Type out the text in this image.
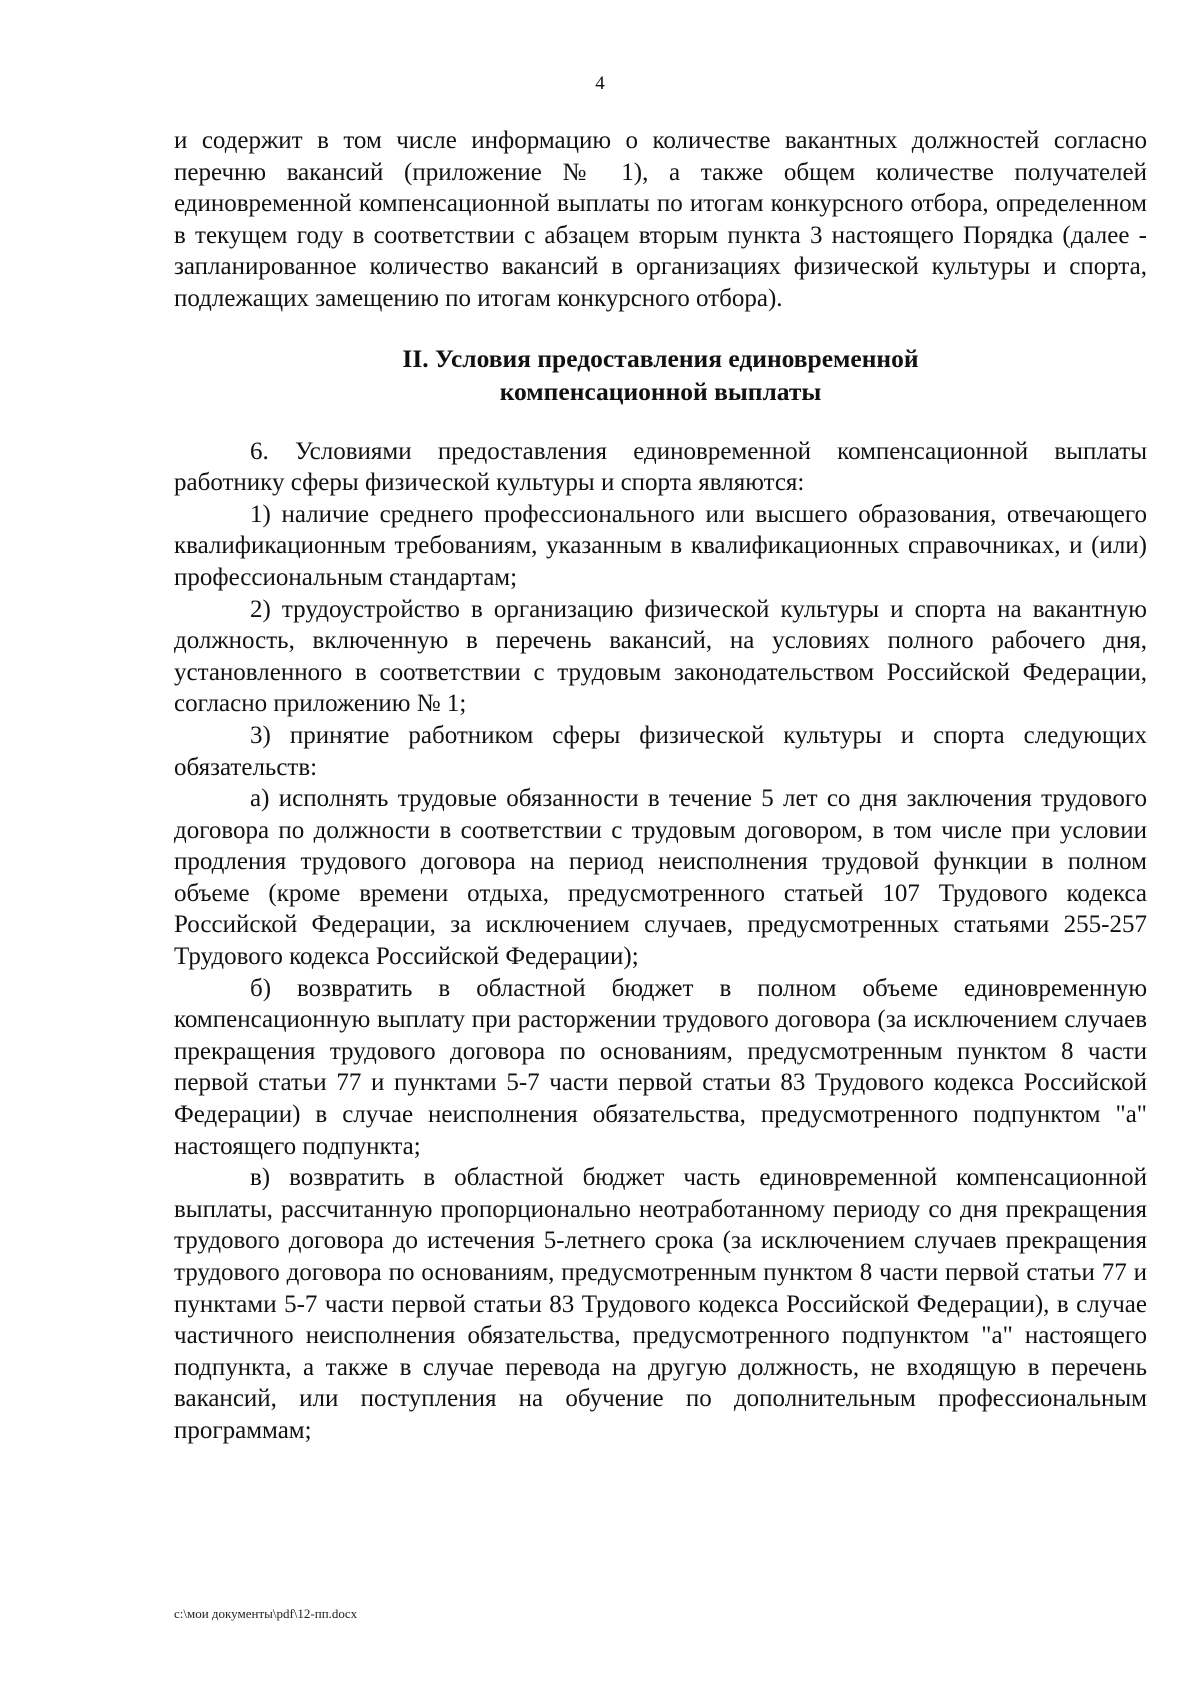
4

и содержит в том числе информацию о количестве вакантных должностей согласно перечню вакансий (приложение № 1), а также общем количестве получателей единовременной компенсационной выплаты по итогам конкурсного отбора, определенном в текущем году в соответствии с абзацем вторым пункта 3 настоящего Порядка (далее - запланированное количество вакансий в организациях физической культуры и спорта, подлежащих замещению по итогам конкурсного отбора).

II. Условия предоставления единовременной
компенсационной выплаты

6. Условиями предоставления единовременной компенсационной выплаты работнику сферы физической культуры и спорта являются:

1) наличие среднего профессионального или высшего образования, отвечающего квалификационным требованиям, указанным в квалификационных справочниках, и (или) профессиональным стандартам;

2) трудоустройство в организацию физической культуры и спорта на вакантную должность, включенную в перечень вакансий, на условиях полного рабочего дня, установленного в соответствии с трудовым законодательством Российской Федерации, согласно приложению № 1;

3) принятие работником сферы физической культуры и спорта следующих обязательств:

а) исполнять трудовые обязанности в течение 5 лет со дня заключения трудового договора по должности в соответствии с трудовым договором, в том числе при условии продления трудового договора на период неисполнения трудовой функции в полном объеме (кроме времени отдыха, предусмотренного статьей 107 Трудового кодекса Российской Федерации, за исключением случаев, предусмотренных статьями 255-257 Трудового кодекса Российской Федерации);

б) возвратить в областной бюджет в полном объеме единовременную компенсационную выплату при расторжении трудового договора (за исключением случаев прекращения трудового договора по основаниям, предусмотренным пунктом 8 части первой статьи 77 и пунктами 5-7 части первой статьи 83 Трудового кодекса Российской Федерации) в случае неисполнения обязательства, предусмотренного подпунктом "а" настоящего подпункта;

в) возвратить в областной бюджет часть единовременной компенсационной выплаты, рассчитанную пропорционально неотработанному периоду со дня прекращения трудового договора до истечения 5-летнего срока (за исключением случаев прекращения трудового договора по основаниям, предусмотренным пунктом 8 части первой статьи 77 и пунктами 5-7 части первой статьи 83 Трудового кодекса Российской Федерации), в случае частичного неисполнения обязательства, предусмотренного подпунктом "а" настоящего подпункта, а также в случае перевода на другую должность, не входящую в перечень вакансий, или поступления на обучение по дополнительным профессиональным программам;

c:\мои документы\pdf\12-пп.docx
